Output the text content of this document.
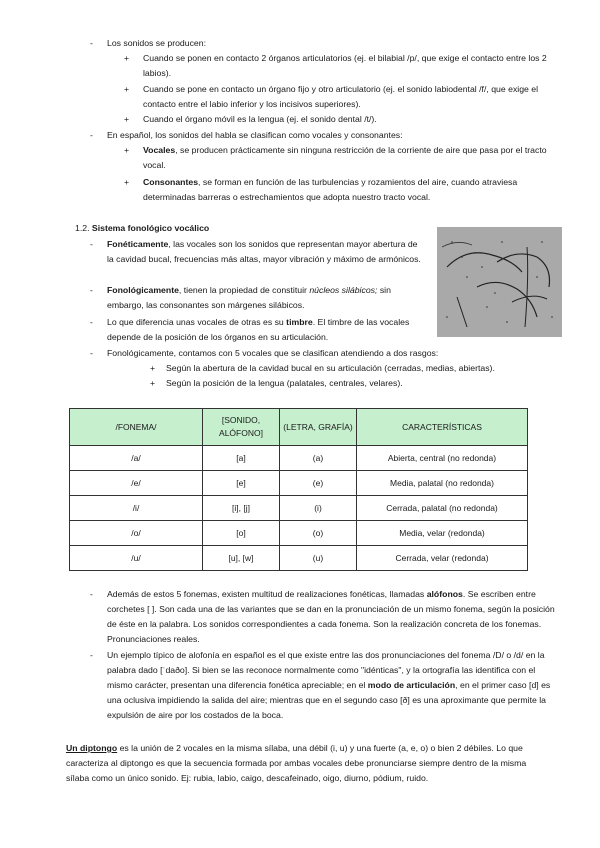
- Los sonidos se producen:
+ Cuando se ponen en contacto 2 órganos articulatorios (ej. el bilabial /p/, que exige el contacto entre los 2 labios).
+ Cuando se pone en contacto un órgano fijo y otro articulatorio (ej. el sonido labiodental /f/, que exige el contacto entre el labio inferior y los incisivos superiores).
+ Cuando el órgano móvil es la lengua (ej. el sonido dental /t/).
- En español, los sonidos del habla se clasifican como vocales y consonantes:
+ Vocales, se producen prácticamente sin ninguna restricción de la corriente de aire que pasa por el tracto vocal.
+ Consonantes, se forman en función de las turbulencias y rozamientos del aire, cuando atraviesa determinadas barreras o estrechamientos que adopta nuestro tracto vocal.
1.2. Sistema fonológico vocálico
- Fonéticamente, las vocales son los sonidos que representan mayor abertura de la cavidad bucal, frecuencias más altas, mayor vibración y máximo de armónicos.
- Fonológicamente, tienen la propiedad de constituir núcleos silábicos; sin embargo, las consonantes son márgenes silábicos.
- Lo que diferencia unas vocales de otras es su timbre. El timbre de las vocales depende de la posición de los órganos en su articulación.
- Fonológicamente, contamos con 5 vocales que se clasifican atendiendo a dos rasgos:
+ Según la abertura de la cavidad bucal en su articulación (cerradas, medias, abiertas).
+ Según la posición de la lengua (palatales, centrales, velares).
/FONEMA/	[SONIDO, ALÓFONO]	(LETRA, GRAFÍA)	CARACTERÍSTICAS
/a/	[a]	(a)	Abierta, central (no redonda)
/e/	[e]	(e)	Media, palatal (no redonda)
/i/	[i], [j]	(i)	Cerrada, palatal (no redonda)
/o/	[o]	(o)	Media, velar (redonda)
/u/	[u], [w]	(u)	Cerrada, velar (redonda)
- Además de estos 5 fonemas, existen multitud de realizaciones fonéticas, llamadas alófonos. Se escriben entre corchetes [ ]. Son cada una de las variantes que se dan en la pronunciación de un mismo fonema, según la posición de éste en la palabra. Los sonidos correspondientes a cada fonema. Son la realización concreta de los fonemas. Pronunciaciones reales.
- Un ejemplo típico de alofonía en español es el que existe entre las dos pronunciaciones del fonema /D/ o /d/ en la palabra dado [ˈdaðo]. Si bien se las reconoce normalmente como "idénticas", y la ortografía las identifica con el mismo carácter, presentan una diferencia fonética apreciable; en el modo de articulación, en el primer caso [d] es una oclusiva impidiendo la salida del aire; mientras que en el segundo caso [ð] es una aproximante que permite la expulsión de aire por los costados de la boca.
Un diptongo es la unión de 2 vocales en la misma sílaba, una débil (i, u) y una fuerte (a, e, o) o bien 2 débiles. Lo que caracteriza al diptongo es que la secuencia formada por ambas vocales debe pronunciarse siempre dentro de la misma sílaba como un único sonido. Ej: rubia, labio, caigo, descafeinado, oigo, diurno, pódium, ruido.
